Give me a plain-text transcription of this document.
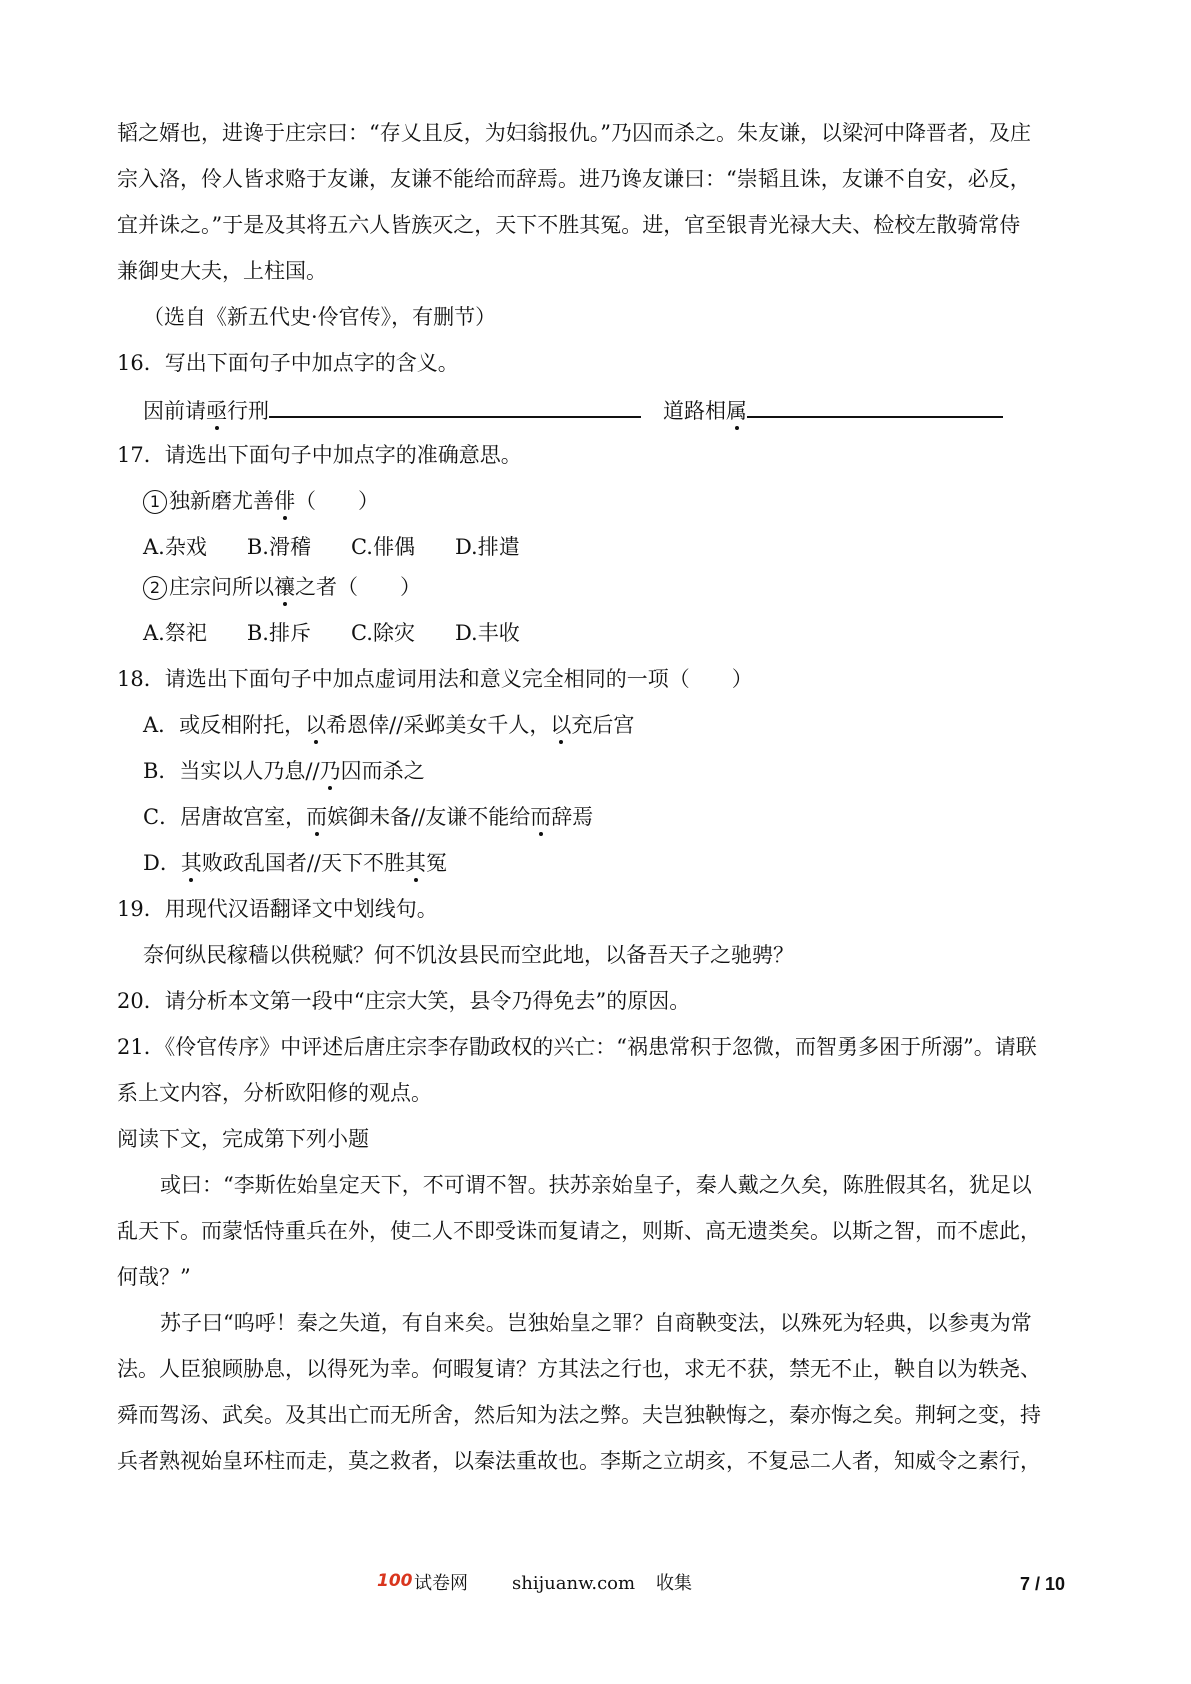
韬之婿也，进谗于庄宗曰：“存乂且反，为妇翁报仇。”乃囚而杀之。朱友谦，以梁河中降晋者，及庄
宗入洛，伶人皆求赂于友谦，友谦不能给而辞焉。进乃谗友谦曰：“崇韬且诛，友谦不自安，必反，
宜并诛之。”于是及其将五六人皆族灭之，天下不胜其冤。进，官至银青光禄大夫、检校左散骑常侍
兼御史大夫，上柱国。
（选自《新五代史·伶官传》，有删节）
16．写出下面句子中加点字的含义。
因前请亟行刑	道路相属
17．请选出下面句子中加点字的准确意思。
1 独新磨尤善俳（　　）
A.杂戏 B.滑稽 C.俳偶 D.排遣
2 庄宗问所以禳之者（　　）
A.祭祀 B.排斥 C.除灾 D.丰收
18．请选出下面句子中加点虚词用法和意义完全相同的一项（　　）
A．或反相附托，以希恩倖//采邺美女千人，以充后宫
B．当实以人乃息//乃囚而杀之
C．居唐故宫室，而嫔御未备//友谦不能给而辞焉
D．其败政乱国者//天下不胜其冤
19．用现代汉语翻译文中划线句。
奈何纵民稼穑以供税赋？何不饥汝县民而空此地，以备吾天子之驰骋？
20．请分析本文第一段中“庄宗大笑，县令乃得免去”的原因。
21．《伶官传序》中评述后唐庄宗李存勖政权的兴亡：“祸患常积于忽微，而智勇多困于所溺”。请联
系上文内容，分析欧阳修的观点。
阅读下文，完成第下列小题
或曰：“李斯佐始皇定天下，不可谓不智。扶苏亲始皇子，秦人戴之久矣，陈胜假其名，犹足以
乱天下。而蒙恬恃重兵在外，使二人不即受诛而复请之，则斯、高无遗类矣。以斯之智，而不虑此，
何哉？”
苏子曰“呜呼！秦之失道，有自来矣。岂独始皇之罪？自商鞅变法，以殊死为轻典，以参夷为常
法。人臣狼顾胁息，以得死为幸。何暇复请？方其法之行也，求无不获，禁无不止，鞅自以为轶尧、
舜而驾汤、武矣。及其出亡而无所舍，然后知为法之弊。夫岂独鞅悔之，秦亦悔之矣。荆轲之变，持
兵者熟视始皇环柱而走，莫之救者，以秦法重故也。李斯之立胡亥，不复忌二人者，知威令之素行，
100 试卷网 shijuanw.com 收集	7 / 10
